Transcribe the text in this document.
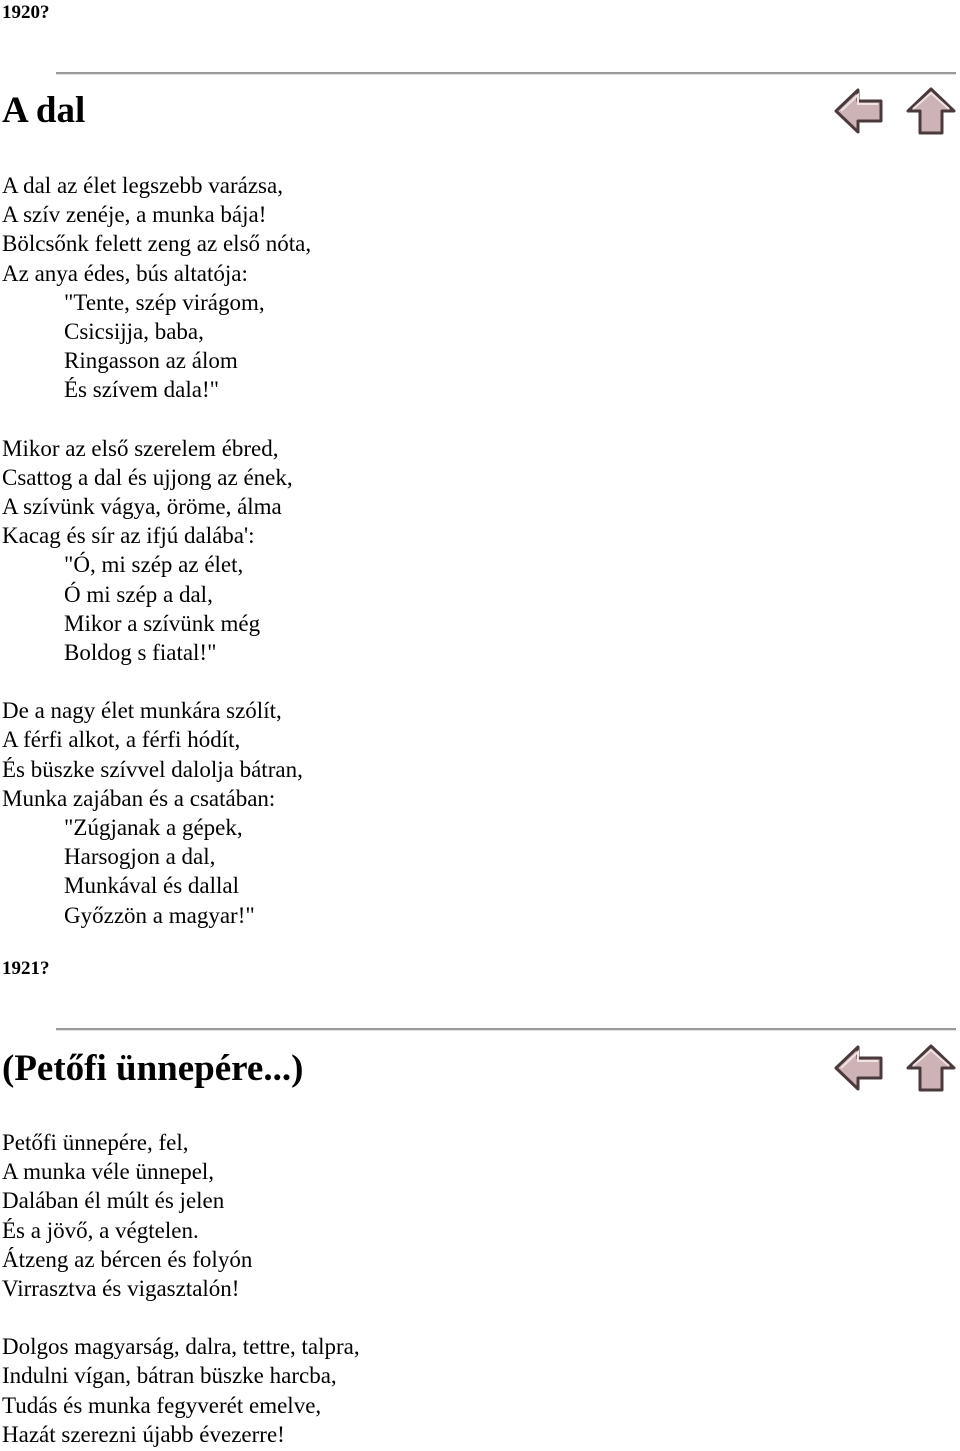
1920?
A dal
A dal az élet legszebb varázsa,
A szív zenéje, a munka bája!
Bölcsőnk felett zeng az első nóta,
Az anya édes, bús altatója:
"Tente, szép virágom,
Csicsijja, baba,
Ringasson az álom
És szívem dala!"
Mikor az első szerelem ébred,
Csattog a dal és ujjong az ének,
A szívünk vágya, öröme, álma
Kacag és sír az ifjú dalába':
"Ó, mi szép az élet,
Ó mi szép a dal,
Mikor a szívünk még
Boldog s fiatal!"
De a nagy élet munkára szólít,
A férfi alkot, a férfi hódít,
És büszke szívvel dalolja bátran,
Munka zajában és a csatában:
"Zúgjanak a gépek,
Harsogjon a dal,
Munkával és dallal
Győzzön a magyar!"
1921?
(Petőfi ünnepére...)
Petőfi ünnepére, fel,
A munka véle ünnepel,
Dalában él múlt és jelen
És a jövő, a végtelen.
Átzeng az bércen és folyón
Virrasztva és vigasztalón!
Dolgos magyarság, dalra, tettre, talpra,
Indulni vígan, bátran büszke harcba,
Tudás és munka fegyverét emelve,
Hazát szerezni újabb évezerre!
